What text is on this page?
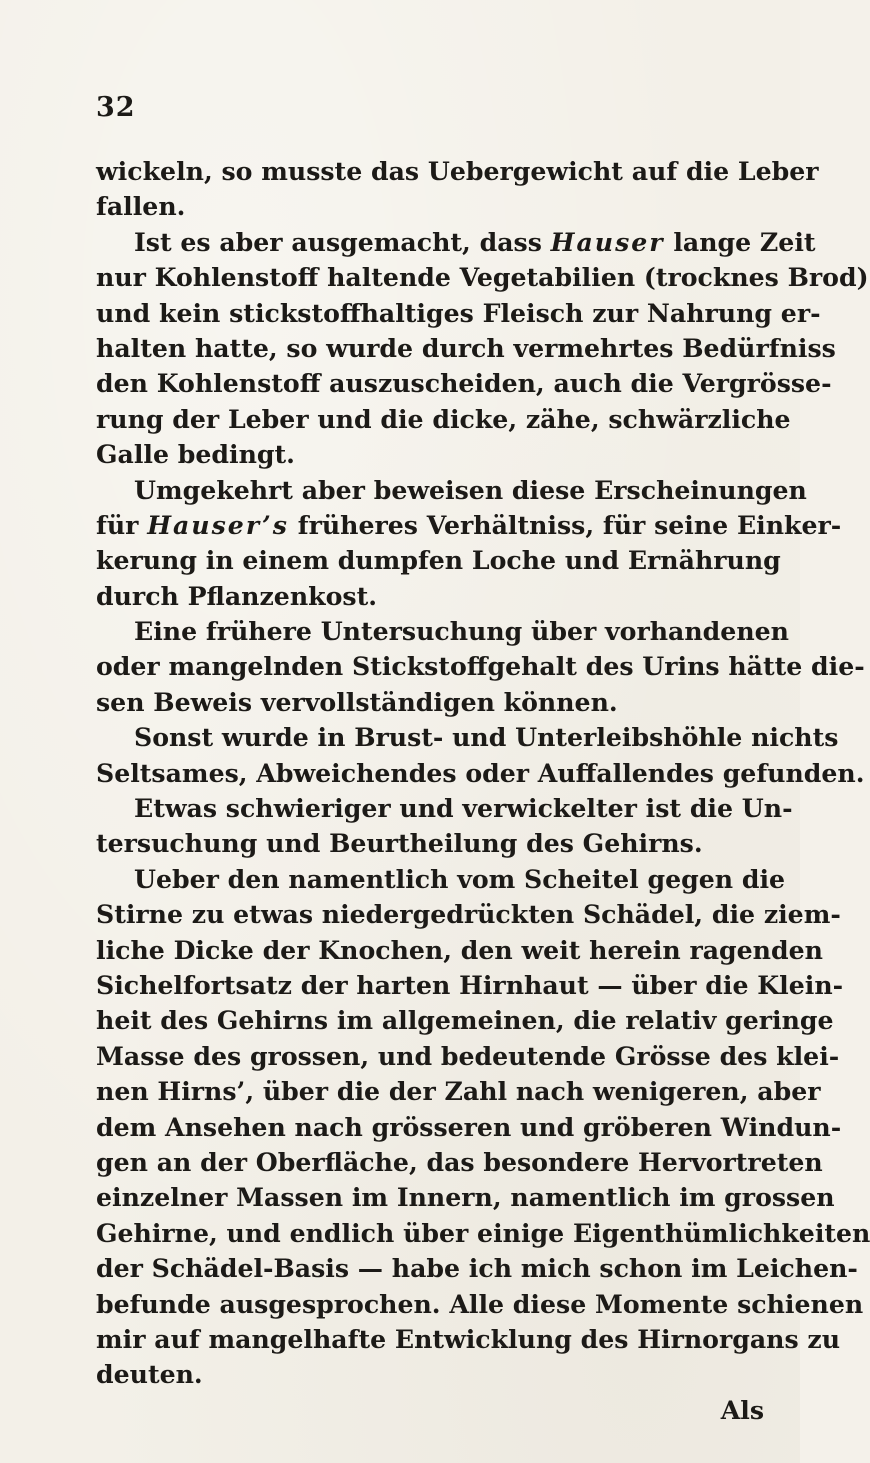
32
wickeln, so musste das Uebergewicht auf die Leber
fallen.
Ist es aber ausgemacht, dass Hauser lange Zeit
nur Kohlenstoff haltende Vegetabilien (trocknes Brod)
und kein stickstoffhaltiges Fleisch zur Nahrung er-
halten hatte, so wurde durch vermehrtes Bedürfniss
den Kohlenstoff auszuscheiden, auch die Vergrösse-
rung der Leber und die dicke, zähe, schwärzliche
Galle bedingt.
Umgekehrt aber beweisen diese Erscheinungen
für Hauser’s früheres Verhältniss, für seine Einker-
kerung in einem dumpfen Loche und Ernährung
durch Pflanzenkost.
Eine frühere Untersuchung über vorhandenen
oder mangelnden Stickstoffgehalt des Urins hätte die-
sen Beweis vervollständigen können.
Sonst wurde in Brust- und Unterleibshöhle nichts
Seltsames, Abweichendes oder Auffallendes gefunden.
Etwas schwieriger und verwickelter ist die Un-
tersuchung und Beurtheilung des Gehirns.
Ueber den namentlich vom Scheitel gegen die
Stirne zu etwas niedergedrückten Schädel, die ziem-
liche Dicke der Knochen, den weit herein ragenden
Sichelfortsatz der harten Hirnhaut — über die Klein-
heit des Gehirns im allgemeinen, die relativ geringe
Masse des grossen, und bedeutende Grösse des klei-
nen Hirns’, über die der Zahl nach wenigeren, aber
dem Ansehen nach grösseren und gröberen Windun-
gen an der Oberfläche, das besondere Hervortreten
einzelner Massen im Innern, namentlich im grossen
Gehirne, und endlich über einige Eigenthümlichkeiten
der Schädel-Basis — habe ich mich schon im Leichen-
befunde ausgesprochen. Alle diese Momente schienen
mir auf mangelhafte Entwicklung des Hirnorgans zu
deuten.
Als
